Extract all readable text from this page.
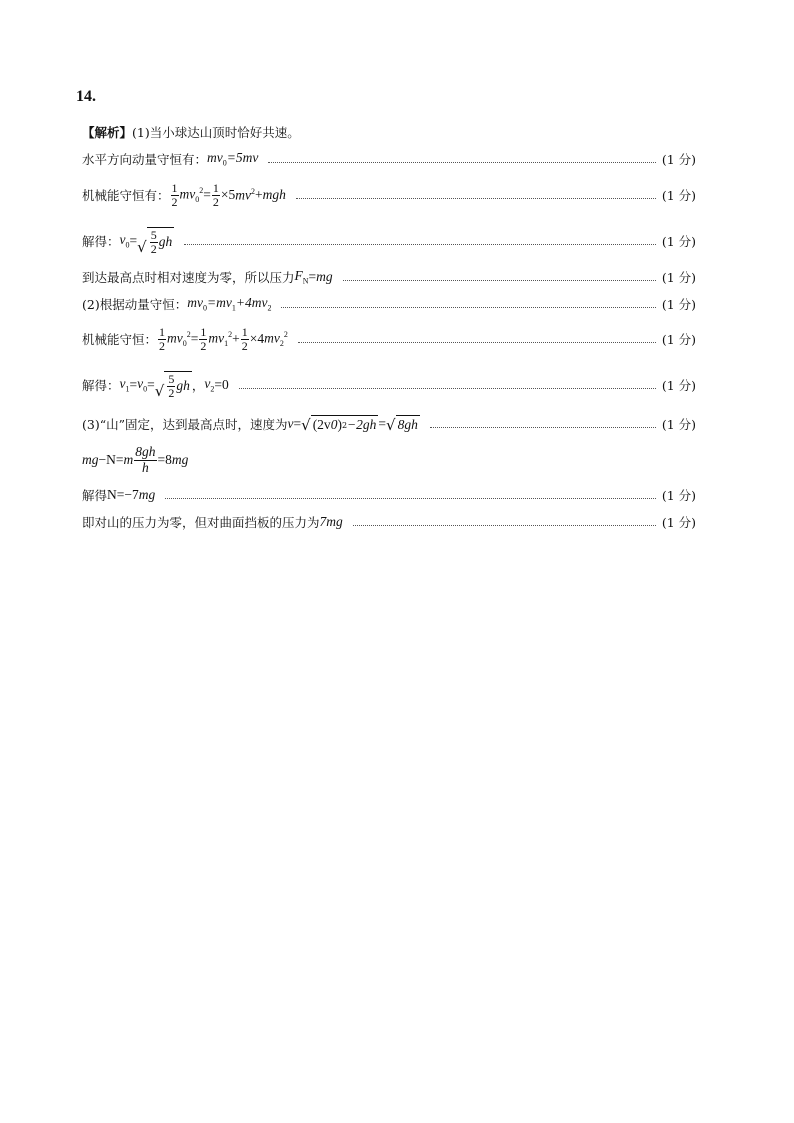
14.
【解析】 (1)当小球达山顶时恰好共速。
水平方向动量守恒有： $mv_0=5mv$	(1 分)
机械能守恒有： $\frac{1}{2} mv_0^2 = \frac{1}{2} \times 5$ $mv^2$ + mgh	(1 分)
解得： $v_0$ = √ $\frac{5}{2}$ gh	(1 分)
到达最高点时相对速度为零，所以压力 $F_N$ = mg	(1 分)
(2)根据动量守恒： $mv_0=mv_1+4mv_2$	(1 分)
机械能守恒： $\frac{1}{2} mv_0^2 = \frac{1}{2} mv_1^2 + \frac{1}{2} \times 4$ $mv_2^2$	(1 分)
解得： $v_1 = v_0$ = √ $\frac{5}{2}$ gh ， $v_2 = 0$	(1 分)
(3)“山”固定，达到最高点时，速度为 v = √ (2v 0 ) 2 −2gh = √ 8gh	(1 分)
mg − N = m $\frac{8gh}{h} = 8$ mg
解得 N = −7 mg	(1 分)
即对山的压力为零，但对曲面挡板的压力为 7mg	(1 分)
